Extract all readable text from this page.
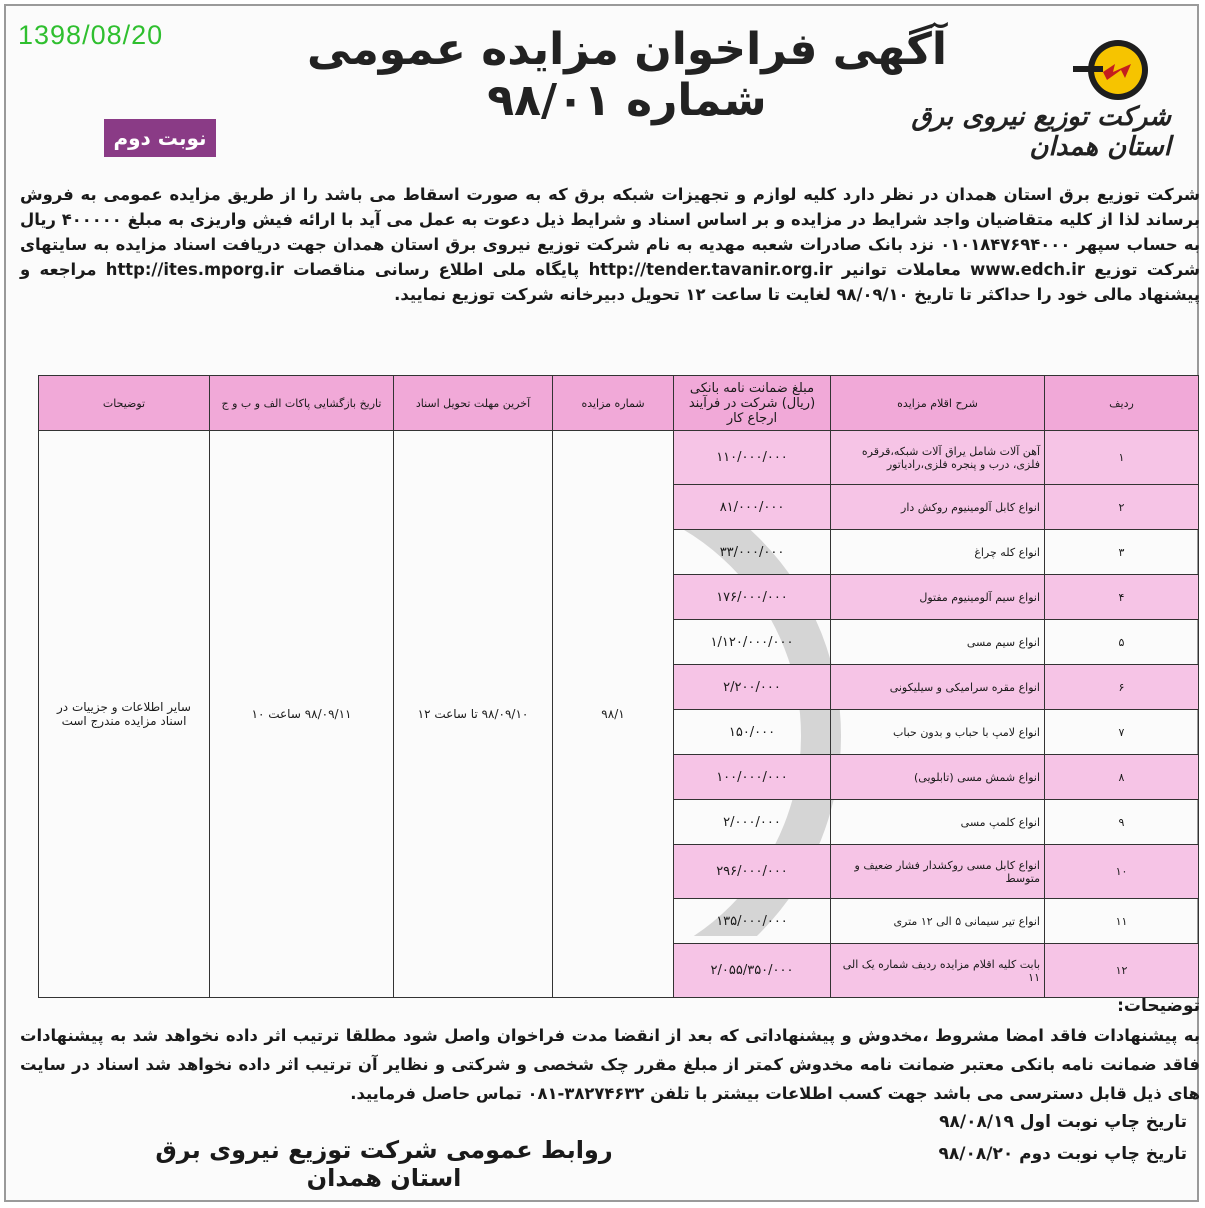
1398/08/20
شرکت توزیع نیروی برق استان همدان
آگهی فراخوان مزایده عمومی شماره ۹۸/۰۱
نوبت دوم
شرکت توزیع برق استان همدان در نظر دارد کلیه لوازم و تجهیزات شبکه برق که به صورت اسقاط می باشد را از طریق مزایده عمومی به فروش برساند لذا از کلیه متقاضیان واجد شرایط در مزایده و بر اساس اسناد و شرایط ذیل دعوت به عمل می آید با ارائه فیش واریزی به مبلغ ۴۰۰۰۰۰ ریال به حساب سپهر ۰۱۰۱۸۴۷۶۹۴۰۰۰ نزد بانک صادرات شعبه مهدیه به نام شرکت توزیع نیروی برق استان همدان جهت دریافت اسناد مزایده به سایتهای شرکت توزیع www.edch.ir معاملات توانیر http://tender.tavanir.org.ir پایگاه ملی اطلاع رسانی مناقصات http://ites.mporg.ir مراجعه و پیشنهاد مالی خود را حداکثر تا تاریخ ۹۸/۰۹/۱۰ لغایت تا ساعت ۱۲ تحویل دبیرخانه شرکت توزیع نمایید.
ردیف	شرح اقلام مزایده	مبلغ ضمانت نامه بانکی (ریال) شرکت در فرآیند ارجاع کار	شماره مزایده	آخرین مهلت تحویل اسناد	تاریخ بازگشایی پاکات الف و ب و ج	توضیحات
۱	آهن آلات شامل یراق آلات شبکه،قرقره فلزی، درب و پنجره فلزی،رادیاتور	۱۱۰/۰۰۰/۰۰۰	۹۸/۱	۹۸/۰۹/۱۰ تا ساعت ۱۲	۹۸/۰۹/۱۱ ساعت ۱۰	سایر اطلاعات و جزییات در اسناد مزایده مندرج است
۲	انواع کابل آلومینیوم روکش دار	۸۱/۰۰۰/۰۰۰				
۳	انواع کله چراغ	۳۳/۰۰۰/۰۰۰				
۴	انواع سیم آلومینیوم مفتول	۱۷۶/۰۰۰/۰۰۰				
۵	انواع سیم مسی	۱/۱۲۰/۰۰۰/۰۰۰				
۶	انواع مقره سرامیکی و سیلیکونی	۲/۲۰۰/۰۰۰				
۷	انواع لامپ با حباب و بدون حباب	۱۵۰/۰۰۰				
۸	انواع شمش مسی (تابلویی)	۱۰۰/۰۰۰/۰۰۰				
۹	انواع کلمپ مسی	۲/۰۰۰/۰۰۰				
۱۰	انواع کابل مسی روکشدار فشار ضعیف و متوسط	۲۹۶/۰۰۰/۰۰۰				
۱۱	انواع تیر سیمانی ۵ الی ۱۲ متری	۱۳۵/۰۰۰/۰۰۰				
۱۲	بابت کلیه اقلام مزایده ردیف شماره یک الی ۱۱	۲/۰۵۵/۳۵۰/۰۰۰				
توضیحات:
به پیشنهادات فاقد امضا مشروط ،مخدوش و پیشنهاداتی که بعد از انقضا مدت فراخوان واصل شود مطلقا ترتیب اثر داده نخواهد شد به پیشنهادات فاقد ضمانت نامه بانکی معتبر ضمانت نامه مخدوش کمتر از مبلغ مقرر چک شخصی و شرکتی و نظایر آن ترتیب اثر داده نخواهد شد اسناد در سایت های ذیل قابل دسترسی می باشد جهت کسب اطلاعات بیشتر با تلفن ۳۸۲۷۴۶۳۲-۰۸۱ تماس حاصل فرمایید.
تاریخ چاپ نوبت اول ۹۸/۰۸/۱۹
تاریخ چاپ نوبت دوم ۹۸/۰۸/۲۰
روابط عمومی شرکت توزیع نیروی برق استان همدان
